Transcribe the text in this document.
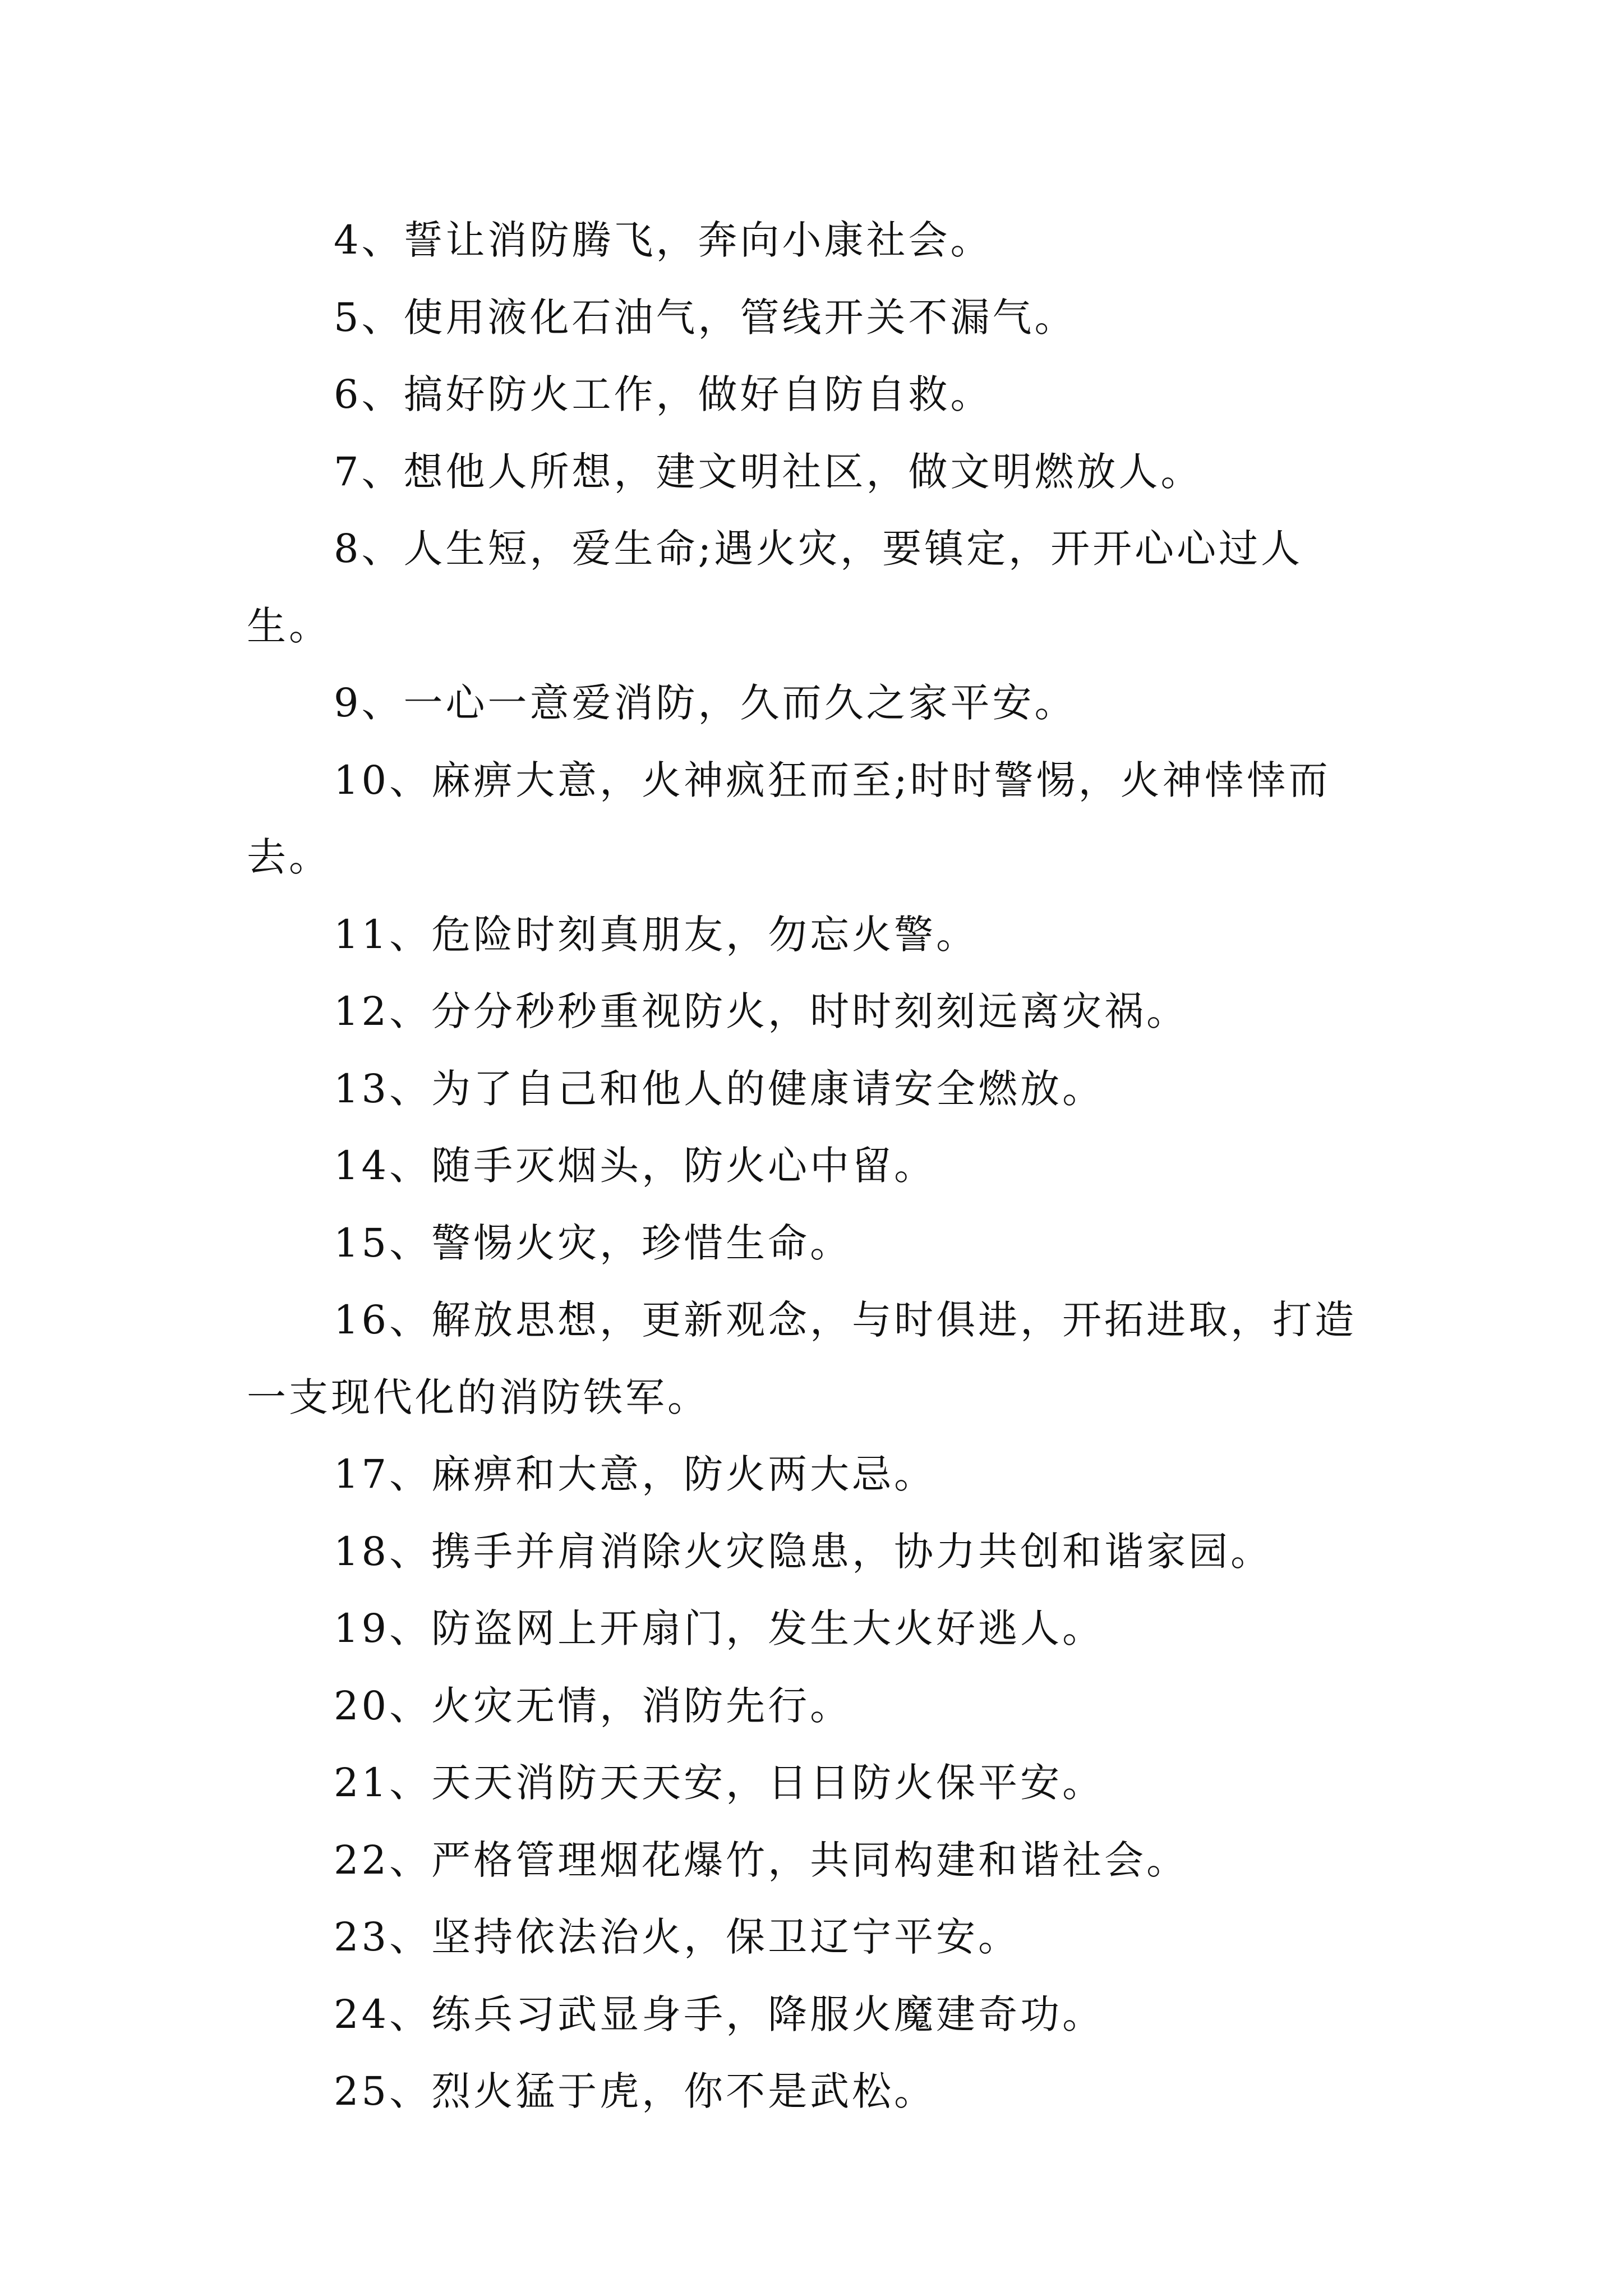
4、誓让消防腾飞，奔向小康社会。

5、使用液化石油气，管线开关不漏气。

6、搞好防火工作，做好自防自救。

7、想他人所想，建文明社区，做文明燃放人。

8、人生短，爱生命;遇火灾，要镇定，开开心心过人生。

9、一心一意爱消防，久而久之家平安。

10、麻痹大意，火神疯狂而至;时时警惕，火神悻悻而去。

11、危险时刻真朋友，勿忘火警。

12、分分秒秒重视防火，时时刻刻远离灾祸。

13、为了自己和他人的健康请安全燃放。

14、随手灭烟头，防火心中留。

15、警惕火灾，珍惜生命。

16、解放思想，更新观念，与时俱进，开拓进取，打造一支现代化的消防铁军。

17、麻痹和大意，防火两大忌。

18、携手并肩消除火灾隐患，协力共创和谐家园。

19、防盗网上开扇门，发生大火好逃人。

20、火灾无情，消防先行。

21、天天消防天天安，日日防火保平安。

22、严格管理烟花爆竹，共同构建和谐社会。

23、坚持依法治火，保卫辽宁平安。

24、练兵习武显身手，降服火魔建奇功。

25、烈火猛于虎，你不是武松。
